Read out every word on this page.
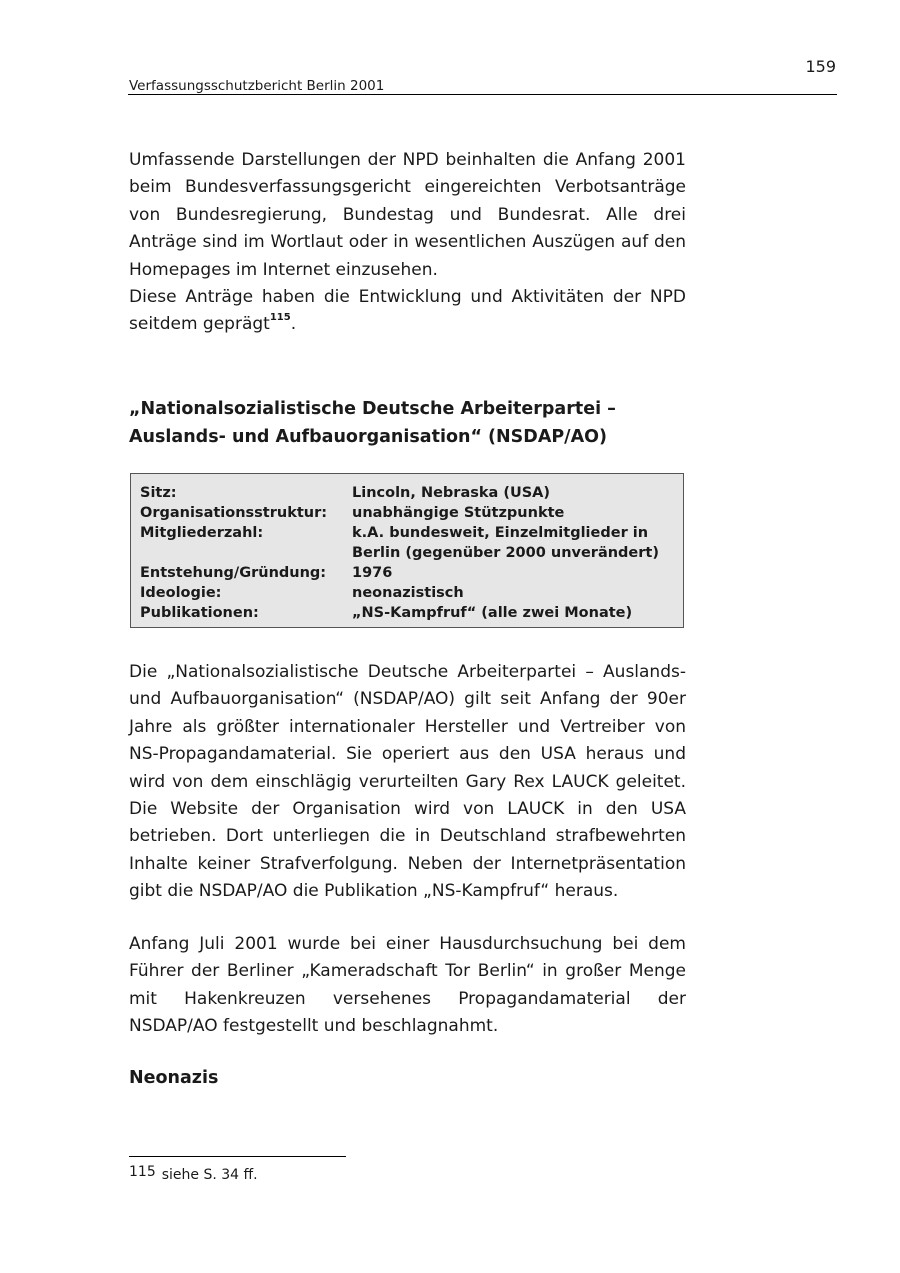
159
Verfassungsschutzbericht Berlin 2001

Umfassende Darstellungen der NPD beinhalten die Anfang 2001 beim Bundesverfassungsgericht eingereichten Verbotsanträge von Bundesregierung, Bundestag und Bundesrat. Alle drei Anträge sind im Wortlaut oder in wesentlichen Auszügen auf den Homepages im Internet einzusehen.

Diese Anträge haben die Entwicklung und Aktivitäten der NPD seitdem geprägt$^{115}$.

„Nationalsozialistische Deutsche Arbeiterpartei – Auslands- und Aufbauorganisation“ (NSDAP/AO)
Sitz:	Lincoln, Nebraska (USA)
Organisationsstruktur: unabhängige Stützpunkte
Mitgliederzahl:	k.A. bundesweit, Einzelmitglieder in
Berlin (gegenüber 2000 unverändert)
Entstehung/Gründung: 1976
Ideologie:	neonazistisch
Publikationen:	„NS-Kampfruf“ (alle zwei Monate)

Die „Nationalsozialistische Deutsche Arbeiterpartei – Auslands- und Aufbauorganisation“ (NSDAP/AO) gilt seit Anfang der 90er Jahre als größter internationaler Hersteller und Vertreiber von NS-Propagandamaterial. Sie operiert aus den USA heraus und wird von dem einschlägig verurteilten Gary Rex LAUCK geleitet. Die Website der Organisation wird von LAUCK in den USA betrieben. Dort unterliegen die in Deutschland strafbewehrten Inhalte keiner Strafverfolgung. Neben der Internetpräsentation gibt die NSDAP/AO die Publikation „NS-Kampfruf“ heraus.

Anfang Juli 2001 wurde bei einer Hausdurchsuchung bei dem
Führer der Berliner „Kameradschaft Tor Berlin“ in großer Menge
mit Hakenkreuzen versehenes Propagandamaterial der
NSDAP/AO festgestellt und beschlagnahmt.
Neonazis
115 siehe S. 34 ff.
